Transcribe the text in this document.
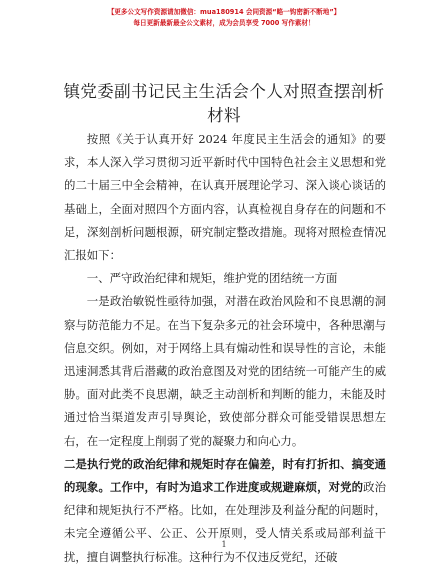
【更多公文写作资源请加微信：mua180914 会同资源“略一钩密新不断地”】
每日更新最新最全公文素材，成为会员享受 7000 写作素材！
镇党委副书记民主生活会个人对照查摆剖析材料

按照《关于认真开好 2024 年度民主生活会的通知》的要求，本人深入学习贯彻习近平新时代中国特色社会主义思想和党的二十届三中全会精神，在认真开展理论学习、深入谈心谈话的基础上，全面对照四个方面内容，认真检视自身存在的问题和不足，深刻剖析问题根源，研究制定整改措施。现将对照检查情况汇报如下：

一、严守政治纪律和规矩，维护党的团结统一方面

一是政治敏锐性亟待加强，对潜在政治风险和不良思潮的洞察与防范能力不足。在当下复杂多元的社会环境中，各种思潮与信息交织。例如，对于网络上具有煽动性和误导性的言论，未能迅速洞悉其背后潜藏的政治意图及对党的团结统一可能产生的威胁。面对此类不良思潮，缺乏主动剖析和判断的能力，未能及时通过恰当渠道发声引导舆论，致使部分群众可能受错误思想左右，在一定程度上削弱了党的凝聚力和向心力。

二是执行党的政治纪律和规矩时存在偏差，时有打折扣、搞变通的现象。工作中，有时为追求工作进度或规避麻烦，对党的政治纪律和规矩执行不严格。比如，在处理涉及利益分配的问题时，未完全遵循公平、公正、公开原则，受人情关系或局部利益干扰，擅自调整执行标准。这种行为不仅违反党纪，还破

1
